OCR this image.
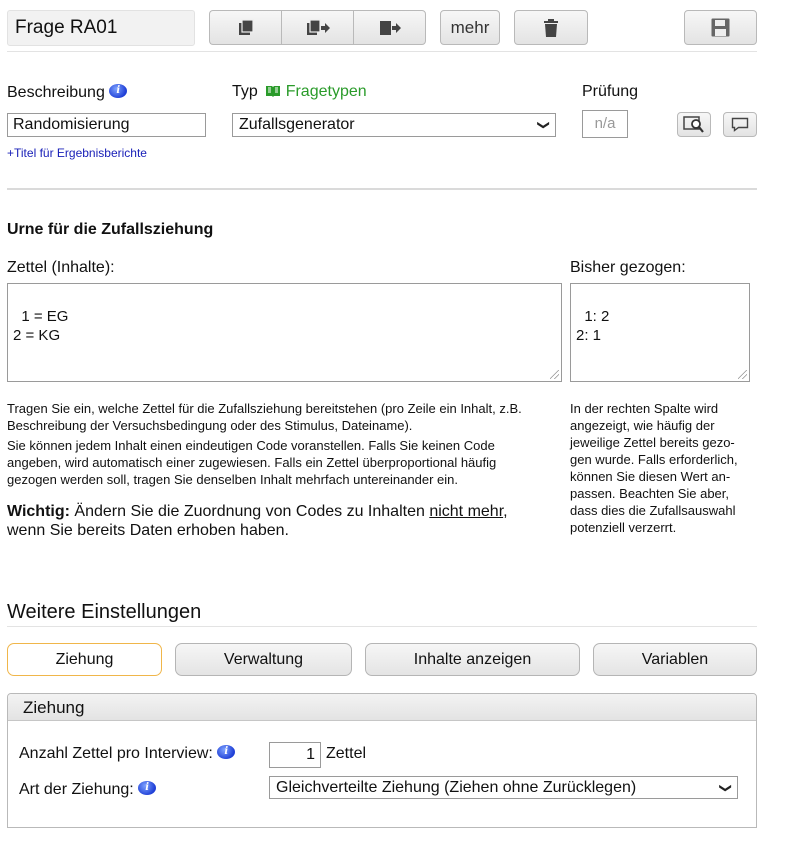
Frage RA01	mehr
Beschreibung i	Typ Fragetypen	Prüfung
Randomisierung	Zufallsgenerator	❯	n/a
+Titel für Ergebnisberichte
Urne für die Zufallsziehung
Zettel (Inhalte):	Bisher gezogen:

1 = EG
2 = KG

1: 2
2: 1

Tragen Sie ein, welche Zettel für die Zufallsziehung bereitstehen (pro Zeile ein Inhalt, z.B. Beschreibung der Versuchsbedingung oder des Stimulus, Dateiname).
Sie können jedem Inhalt einen eindeutigen Code voranstellen. Falls Sie keinen Code angeben, wird automatisch einer zugewiesen. Falls ein Zettel überproportional häufig gezogen werden soll, tragen Sie denselben Inhalt mehrfach untereinander ein.
Wichtig: Ändern Sie die Zuordnung von Codes zu Inhalten nicht mehr, wenn Sie bereits Daten erhoben haben.
In der rechten Spalte wird angezeigt, wie häufig der jeweilige Zettel bereits gezo-gen wurde. Falls erforderlich, können Sie diesen Wert an-passen. Beachten Sie aber, dass dies die Zufallsauswahl potenziell verzerrt.
Weitere Einstellungen
Ziehung	Verwaltung	Inhalte anzeigen	Variablen
Ziehung
Anzahl Zettel pro Interview: i	1 Zettel
Art der Ziehung: i	Gleichverteilte Ziehung (Ziehen ohne Zurücklegen)	❯
